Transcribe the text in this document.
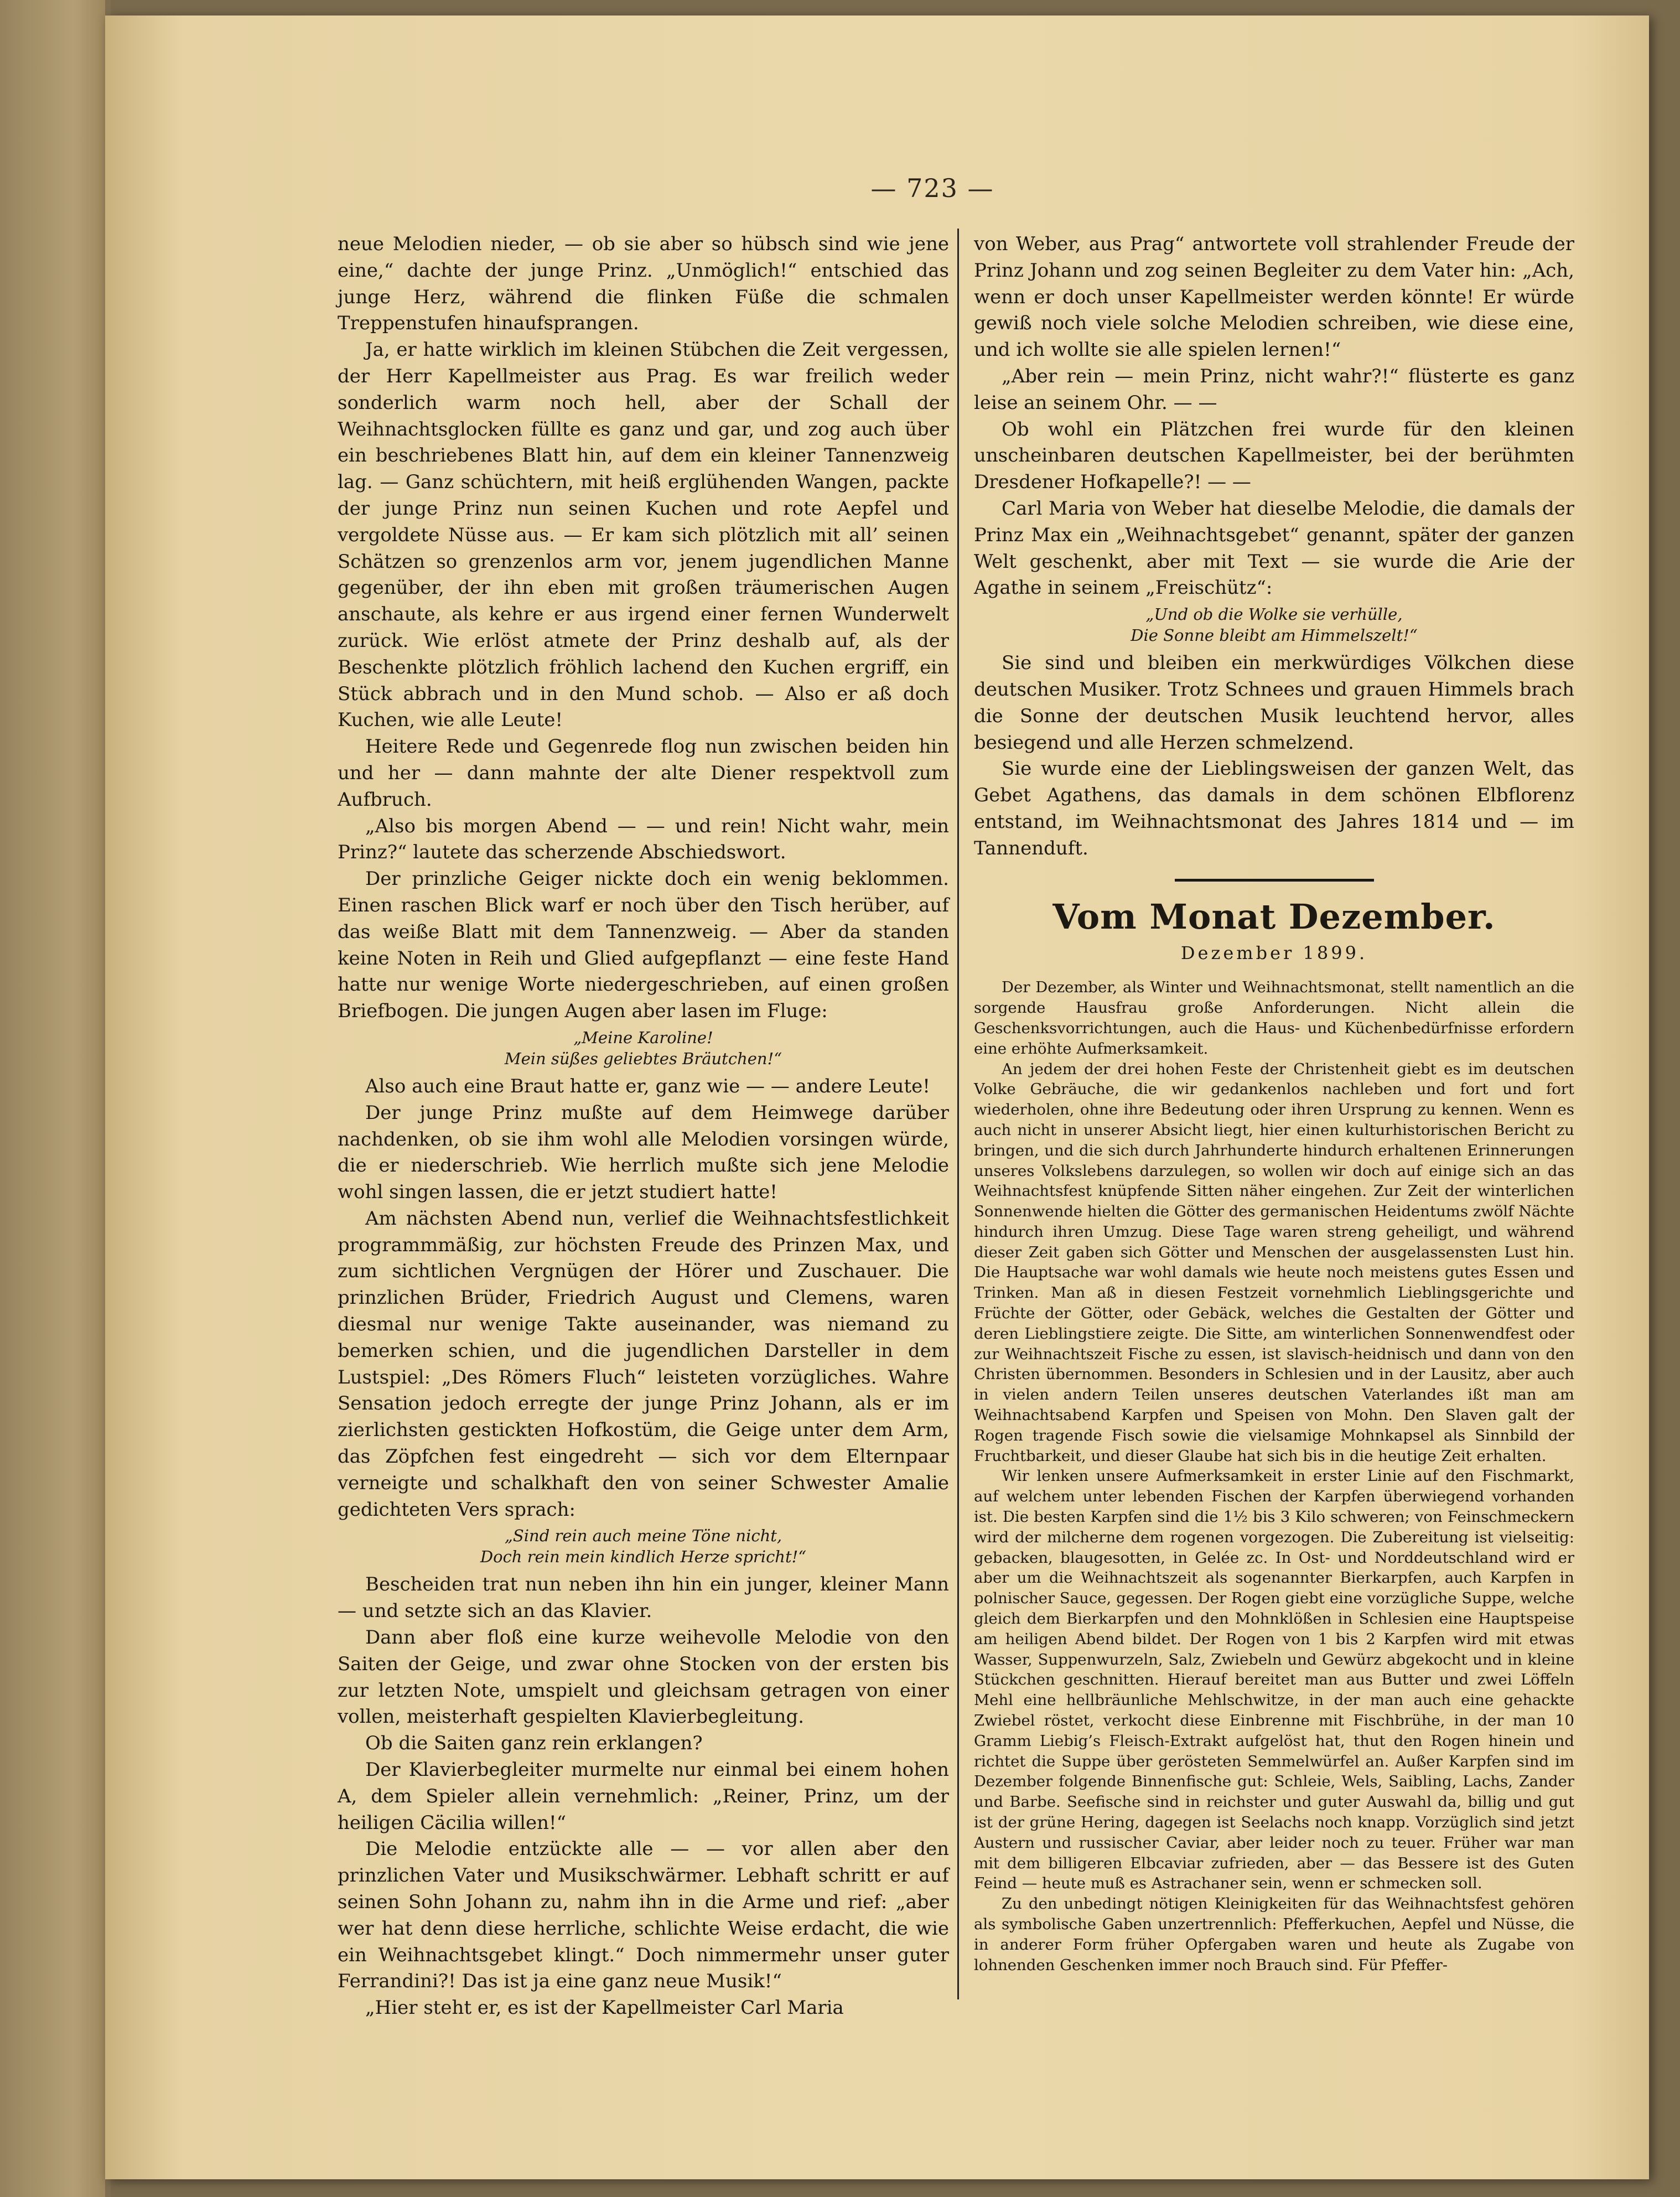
— 723 —

neue Melodien nieder, — ob sie aber so hübsch sind wie jene eine,“ dachte der junge Prinz. „Unmöglich!“ entschied das junge Herz, während die flinken Füße die schmalen Treppenstufen hinaufsprangen.

Ja, er hatte wirklich im kleinen Stübchen die Zeit vergessen, der Herr Kapellmeister aus Prag. Es war freilich weder sonderlich warm noch hell, aber der Schall der Weihnachtsglocken füllte es ganz und gar, und zog auch über ein beschriebenes Blatt hin, auf dem ein kleiner Tannenzweig lag. — Ganz schüchtern, mit heiß erglühenden Wangen, packte der junge Prinz nun seinen Kuchen und rote Aepfel und vergoldete Nüsse aus. — Er kam sich plötzlich mit all’ seinen Schätzen so grenzenlos arm vor, jenem jugendlichen Manne gegenüber, der ihn eben mit großen träumerischen Augen anschaute, als kehre er aus irgend einer fernen Wunderwelt zurück. Wie erlöst atmete der Prinz deshalb auf, als der Beschenkte plötzlich fröhlich lachend den Kuchen ergriff, ein Stück abbrach und in den Mund schob. — Also er aß doch Kuchen, wie alle Leute!

Heitere Rede und Gegenrede flog nun zwischen beiden hin und her — dann mahnte der alte Diener respektvoll zum Aufbruch.

„Also bis morgen Abend — — und rein! Nicht wahr, mein Prinz?“ lautete das scherzende Abschiedswort.

Der prinzliche Geiger nickte doch ein wenig beklommen. Einen raschen Blick warf er noch über den Tisch herüber, auf das weiße Blatt mit dem Tannenzweig. — Aber da standen keine Noten in Reih und Glied aufgepflanzt — eine feste Hand hatte nur wenige Worte niedergeschrieben, auf einen großen Briefbogen. Die jungen Augen aber lasen im Fluge:

„Meine Karoline!
Mein süßes geliebtes Bräutchen!“

Also auch eine Braut hatte er, ganz wie — — andere Leute!

Der junge Prinz mußte auf dem Heimwege darüber nachdenken, ob sie ihm wohl alle Melodien vorsingen würde, die er niederschrieb. Wie herrlich mußte sich jene Melodie wohl singen lassen, die er jetzt studiert hatte!

Am nächsten Abend nun, verlief die Weihnachtsfestlichkeit programmmäßig, zur höchsten Freude des Prinzen Max, und zum sichtlichen Vergnügen der Hörer und Zuschauer. Die prinzlichen Brüder, Friedrich August und Clemens, waren diesmal nur wenige Takte auseinander, was niemand zu bemerken schien, und die jugendlichen Darsteller in dem Lustspiel: „Des Römers Fluch“ leisteten vorzügliches. Wahre Sensation jedoch erregte der junge Prinz Johann, als er im zierlichsten gestickten Hofkostüm, die Geige unter dem Arm, das Zöpfchen fest eingedreht — sich vor dem Elternpaar verneigte und schalkhaft den von seiner Schwester Amalie gedichteten Vers sprach:

„Sind rein auch meine Töne nicht,
Doch rein mein kindlich Herze spricht!“

Bescheiden trat nun neben ihn hin ein junger, kleiner Mann — und setzte sich an das Klavier.

Dann aber floß eine kurze weihevolle Melodie von den Saiten der Geige, und zwar ohne Stocken von der ersten bis zur letzten Note, umspielt und gleichsam getragen von einer vollen, meisterhaft gespielten Klavierbegleitung.

Ob die Saiten ganz rein erklangen?

Der Klavierbegleiter murmelte nur einmal bei einem hohen A, dem Spieler allein vernehmlich: „Reiner, Prinz, um der heiligen Cäcilia willen!“

Die Melodie entzückte alle — — vor allen aber den prinzlichen Vater und Musikschwärmer. Lebhaft schritt er auf seinen Sohn Johann zu, nahm ihn in die Arme und rief: „aber wer hat denn diese herrliche, schlichte Weise erdacht, die wie ein Weihnachtsgebet klingt.“ Doch nimmermehr unser guter Ferrandini?! Das ist ja eine ganz neue Musik!“

„Hier steht er, es ist der Kapellmeister Carl Maria

von Weber, aus Prag“ antwortete voll strahlender Freude der Prinz Johann und zog seinen Begleiter zu dem Vater hin: „Ach, wenn er doch unser Kapellmeister werden könnte! Er würde gewiß noch viele solche Melodien schreiben, wie diese eine, und ich wollte sie alle spielen lernen!“

„Aber rein — mein Prinz, nicht wahr?!“ flüsterte es ganz leise an seinem Ohr. — —

Ob wohl ein Plätzchen frei wurde für den kleinen unscheinbaren deutschen Kapellmeister, bei der berühmten Dresdener Hofkapelle?! — —

Carl Maria von Weber hat dieselbe Melodie, die damals der Prinz Max ein „Weihnachtsgebet“ genannt, später der ganzen Welt geschenkt, aber mit Text — sie wurde die Arie der Agathe in seinem „Freischütz“:

„Und ob die Wolke sie verhülle,
Die Sonne bleibt am Himmelszelt!“

Sie sind und bleiben ein merkwürdiges Völkchen diese deutschen Musiker. Trotz Schnees und grauen Himmels brach die Sonne der deutschen Musik leuchtend hervor, alles besiegend und alle Herzen schmelzend.

Sie wurde eine der Lieblingsweisen der ganzen Welt, das Gebet Agathens, das damals in dem schönen Elbflorenz entstand, im Weihnachtsmonat des Jahres 1814 und — im Tannenduft.

Vom Monat Dezember.
Dezember 1899.

Der Dezember, als Winter und Weihnachtsmonat, stellt namentlich an die sorgende Hausfrau große Anforderungen. Nicht allein die Geschenksvorrichtungen, auch die Haus- und Küchenbedürfnisse erfordern eine erhöhte Aufmerksamkeit.

An jedem der drei hohen Feste der Christenheit giebt es im deutschen Volke Gebräuche, die wir gedankenlos nachleben und fort und fort wiederholen, ohne ihre Bedeutung oder ihren Ursprung zu kennen. Wenn es auch nicht in unserer Absicht liegt, hier einen kulturhistorischen Bericht zu bringen, und die sich durch Jahrhunderte hindurch erhaltenen Erinnerungen unseres Volkslebens darzulegen, so wollen wir doch auf einige sich an das Weihnachtsfest knüpfende Sitten näher eingehen. Zur Zeit der winterlichen Sonnenwende hielten die Götter des germanischen Heidentums zwölf Nächte hindurch ihren Umzug. Diese Tage waren streng geheiligt, und während dieser Zeit gaben sich Götter und Menschen der ausgelassensten Lust hin. Die Hauptsache war wohl damals wie heute noch meistens gutes Essen und Trinken. Man aß in diesen Festzeit vornehmlich Lieblingsgerichte und Früchte der Götter, oder Gebäck, welches die Gestalten der Götter und deren Lieblingstiere zeigte. Die Sitte, am winterlichen Sonnenwendfest oder zur Weihnachtszeit Fische zu essen, ist slavisch-heidnisch und dann von den Christen übernommen. Besonders in Schlesien und in der Lausitz, aber auch in vielen andern Teilen unseres deutschen Vaterlandes ißt man am Weihnachtsabend Karpfen und Speisen von Mohn. Den Slaven galt der Rogen tragende Fisch sowie die vielsamige Mohnkapsel als Sinnbild der Fruchtbarkeit, und dieser Glaube hat sich bis in die heutige Zeit erhalten.

Wir lenken unsere Aufmerksamkeit in erster Linie auf den Fischmarkt, auf welchem unter lebenden Fischen der Karpfen überwiegend vorhanden ist. Die besten Karpfen sind die 1½ bis 3 Kilo schweren; von Feinschmeckern wird der milcherne dem rogenen vorgezogen. Die Zubereitung ist vielseitig: gebacken, blaugesotten, in Gelée zc. In Ost- und Norddeutschland wird er aber um die Weihnachtszeit als sogenannter Bierkarpfen, auch Karpfen in polnischer Sauce, gegessen. Der Rogen giebt eine vorzügliche Suppe, welche gleich dem Bierkarpfen und den Mohnklößen in Schlesien eine Hauptspeise am heiligen Abend bildet. Der Rogen von 1 bis 2 Karpfen wird mit etwas Wasser, Suppenwurzeln, Salz, Zwiebeln und Gewürz abgekocht und in kleine Stückchen geschnitten. Hierauf bereitet man aus Butter und zwei Löffeln Mehl eine hellbräunliche Mehlschwitze, in der man auch eine gehackte Zwiebel röstet, verkocht diese Einbrenne mit Fischbrühe, in der man 10 Gramm Liebig’s Fleisch-Extrakt aufgelöst hat, thut den Rogen hinein und richtet die Suppe über gerösteten Semmelwürfel an. Außer Karpfen sind im Dezember folgende Binnenfische gut: Schleie, Wels, Saibling, Lachs, Zander und Barbe. Seefische sind in reichster und guter Auswahl da, billig und gut ist der grüne Hering, dagegen ist Seelachs noch knapp. Vorzüglich sind jetzt Austern und russischer Caviar, aber leider noch zu teuer. Früher war man mit dem billigeren Elbcaviar zufrieden, aber — das Bessere ist des Guten Feind — heute muß es Astrachaner sein, wenn er schmecken soll.

Zu den unbedingt nötigen Kleinigkeiten für das Weihnachtsfest gehören als symbolische Gaben unzertrennlich: Pfefferkuchen, Aepfel und Nüsse, die in anderer Form früher Opfergaben waren und heute als Zugabe von lohnenden Geschenken immer noch Brauch sind. Für Pfeffer-
